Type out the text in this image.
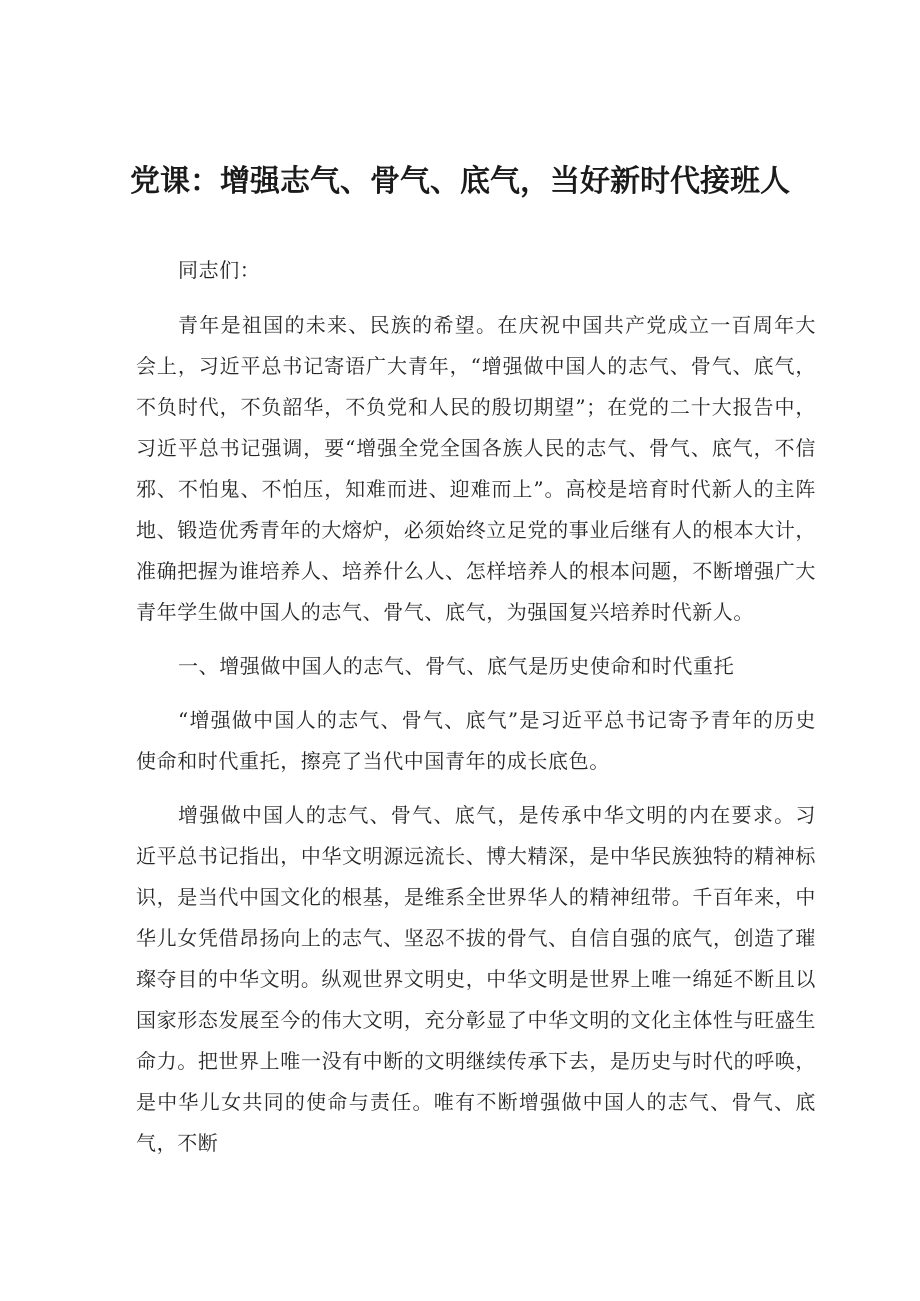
党课：增强志气、骨气、底气，当好新时代接班人

同志们：

青年是祖国的未来、民族的希望。在庆祝中国共产党成立一百周年大会上，习近平总书记寄语广大青年，“增强做中国人的志气、骨气、底气，不负时代，不负韶华，不负党和人民的殷切期望”；在党的二十大报告中，习近平总书记强调，要“增强全党全国各族人民的志气、骨气、底气，不信邪、不怕鬼、不怕压，知难而进、迎难而上”。高校是培育时代新人的主阵地、锻造优秀青年的大熔炉，必须始终立足党的事业后继有人的根本大计，准确把握为谁培养人、培养什么人、怎样培养人的根本问题，不断增强广大青年学生做中国人的志气、骨气、底气，为强国复兴培养时代新人。

一、增强做中国人的志气、骨气、底气是历史使命和时代重托

“增强做中国人的志气、骨气、底气”是习近平总书记寄予青年的历史使命和时代重托，擦亮了当代中国青年的成长底色。

增强做中国人的志气、骨气、底气，是传承中华文明的内在要求。习近平总书记指出，中华文明源远流长、博大精深，是中华民族独特的精神标识，是当代中国文化的根基，是维系全世界华人的精神纽带。千百年来，中华儿女凭借昂扬向上的志气、坚忍不拔的骨气、自信自强的底气，创造了璀璨夺目的中华文明。纵观世界文明史，中华文明是世界上唯一绵延不断且以国家形态发展至今的伟大文明，充分彰显了中华文明的文化主体性与旺盛生命力。把世界上唯一没有中断的文明继续传承下去，是历史与时代的呼唤，是中华儿女共同的使命与责任。唯有不断增强做中国人的志气、骨气、底气，不断
